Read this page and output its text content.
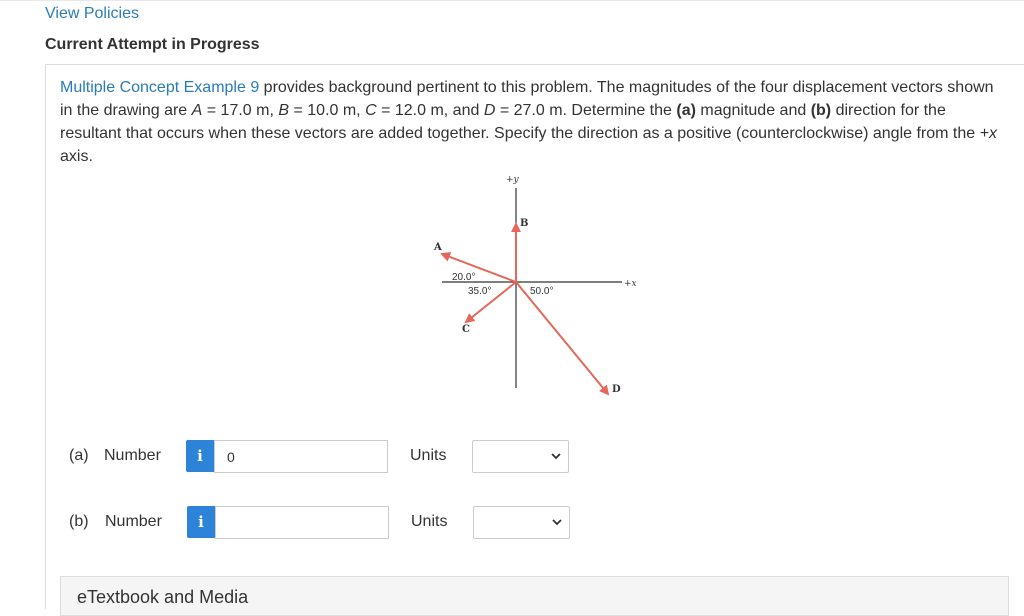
View Policies
Current Attempt in Progress
Multiple Concept Example 9 provides background pertinent to this problem. The magnitudes of the four displacement vectors shown in the drawing are A = 17.0 m, B = 10.0 m, C = 12.0 m, and D = 27.0 m. Determine the (a) magnitude and (b) direction for the resultant that occurs when these vectors are added together. Specify the direction as a positive (counterclockwise) angle from the +x axis.
+y
+x
B
A
C
D
20.0°
35.0°	50.0°
(a) Number	i
0	Units
(b) Number	i	Units
eTextbook and Media
